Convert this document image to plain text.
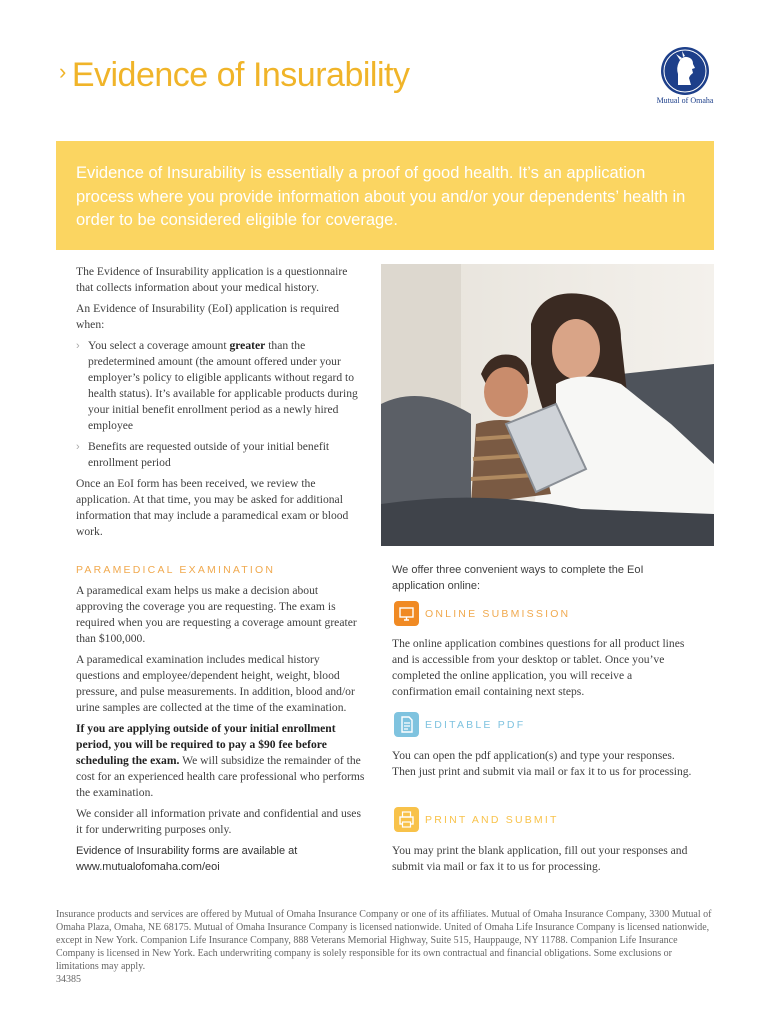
› Evidence of Insurability
Mutual of Omaha
Evidence of Insurability is essentially a proof of good health. It’s an application process where you provide information about you and/or your dependents’ health in order to be considered eligible for coverage.

The Evidence of Insurability application is a questionnaire that collects information about your medical history.

An Evidence of Insurability (EoI) application is required when:

› You select a coverage amount greater than the predetermined amount (the amount offered under your employer’s policy to eligible applicants without regard to health status). It’s available for applicable products during your initial benefit enrollment period as a newly hired employee
› Benefits are requested outside of your initial benefit enrollment period

Once an EoI form has been received, we review the application. At that time, you may be asked for additional information that may include a paramedical exam or blood work.

PARAMEDICAL EXAMINATION

A paramedical exam helps us make a decision about approving the coverage you are requesting. The exam is required when you are requesting a coverage amount greater than $100,000.

A paramedical examination includes medical history questions and employee/dependent height, weight, blood pressure, and pulse measurements. In addition, blood and/or urine samples are collected at the time of the examination.

If you are applying outside of your initial enrollment period, you will be required to pay a $90 fee before scheduling the exam. We will subsidize the remainder of the cost for an experienced health care professional who performs the examination.

We consider all information private and confidential and uses it for underwriting purposes only.

Evidence of Insurability forms are available at
www.mutualofomaha.com/eoi
We offer three convenient ways to complete the EoI application online:
ONLINE SUBMISSION
The online application combines questions for all product lines and is accessible from your desktop or tablet. Once you’ve completed the online application, you will receive a confirmation email containing next steps.
EDITABLE PDF
You can open the pdf application(s) and type your responses. Then just print and submit via mail or fax it to us for processing.
PRINT AND SUBMIT
You may print the blank application, fill out your responses and submit via mail or fax it to us for processing.
Insurance products and services are offered by Mutual of Omaha Insurance Company or one of its affiliates. Mutual of Omaha Insurance Company, 3300 Mutual of Omaha Plaza, Omaha, NE 68175. Mutual of Omaha Insurance Company is licensed nationwide. United of Omaha Life Insurance Company is licensed nationwide, except in New York. Companion Life Insurance Company, 888 Veterans Memorial Highway, Suite 515, Hauppauge, NY 11788. Companion Life Insurance Company is licensed in New York. Each underwriting company is solely responsible for its own contractual and financial obligations. Some exclusions or limitations may apply.
34385
